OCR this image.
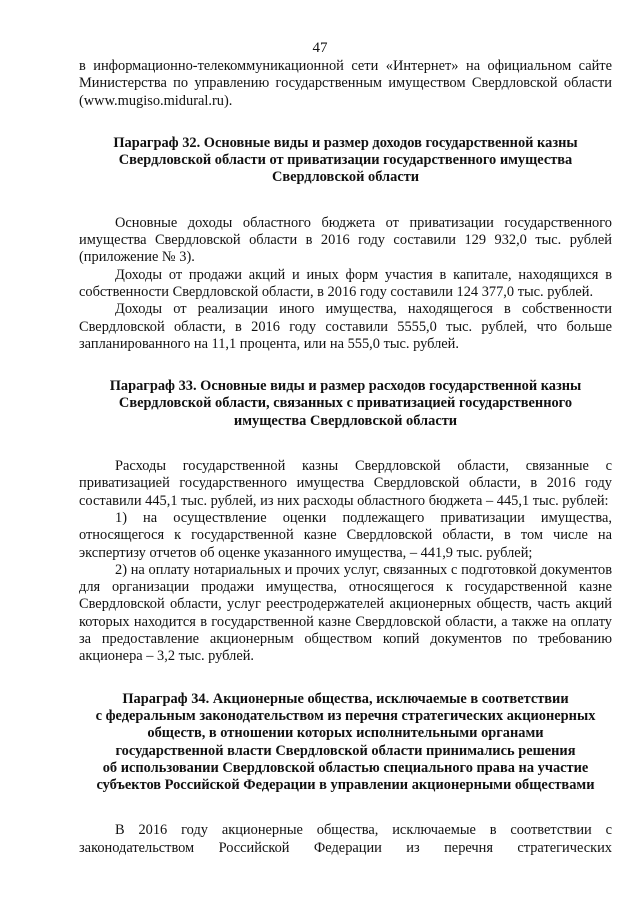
47

в информационно-телекоммуникационной сети «Интернет» на официальном сайте Министерства по управлению государственным имуществом Свердловской области (www.mugiso.midural.ru).

Параграф 32. Основные виды и размер доходов государственной казны
Свердловской области от приватизации государственного имущества
Свердловской области

Основные доходы областного бюджета от приватизации государственного имущества Свердловской области в 2016 году составили 129 932,0 тыс. рублей (приложение № 3).

Доходы от продажи акций и иных форм участия в капитале, находящихся в собственности Свердловской области, в 2016 году составили 124 377,0 тыс. рублей.

Доходы от реализации иного имущества, находящегося в собственности Свердловской области, в 2016 году составили 5555,0 тыс. рублей, что больше запланированного на 11,1 процента, или на 555,0 тыс. рублей.

Параграф 33. Основные виды и размер расходов государственной казны
Свердловской области, связанных с приватизацией государственного
имущества Свердловской области

Расходы государственной казны Свердловской области, связанные с приватизацией государственного имущества Свердловской области, в 2016 году составили 445,1 тыс. рублей, из них расходы областного бюджета – 445,1 тыс. рублей:

1) на осуществление оценки подлежащего приватизации имущества, относящегося к государственной казне Свердловской области, в том числе на экспертизу отчетов об оценке указанного имущества, – 441,9 тыс. рублей;

2) на оплату нотариальных и прочих услуг, связанных с подготовкой документов для организации продажи имущества, относящегося к государственной казне Свердловской области, услуг реестродержателей акционерных обществ, часть акций которых находится в государственной казне Свердловской области, а также на оплату за предоставление акционерным обществом копий документов по требованию акционера – 3,2 тыс. рублей.

Параграф 34. Акционерные общества, исключаемые в соответствии
с федеральным законодательством из перечня стратегических акционерных
обществ, в отношении которых исполнительными органами
государственной власти Свердловской области принимались решения
об использовании Свердловской областью специального права на участие
субъектов Российской Федерации в управлении акционерными обществами

В 2016 году акционерные общества, исключаемые в соответствии с законодательством Российской Федерации из перечня стратегических
